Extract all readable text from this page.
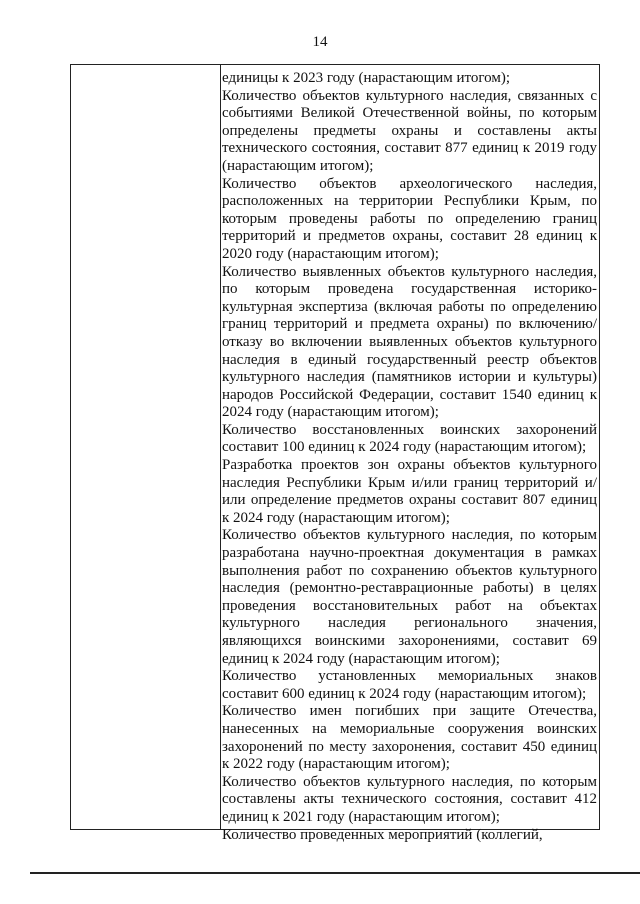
14
единицы к 2023 году (нарастающим итогом);
Количество объектов культурного наследия, связанных с событиями Великой Отечественной войны, по которым определены предметы охраны и составлены акты технического состояния, составит 877 единиц к 2019 году (нарастающим итогом);
Количество объектов археологического наследия, расположенных на территории Республики Крым, по которым проведены работы по определению границ территорий и предметов охраны, составит 28 единиц к 2020 году (нарастающим итогом);
Количество выявленных объектов культурного наследия, по которым проведена государственная историко-культурная экспертиза (включая работы по определению границ территорий и предмета охраны) по включению/отказу во включении выявленных объектов культурного наследия в единый государственный реестр объектов культурного наследия (памятников истории и культуры) народов Российской Федерации, составит 1540 единиц к 2024 году (нарастающим итогом);
Количество восстановленных воинских захоронений составит 100 единиц к 2024 году (нарастающим итогом);
Разработка проектов зон охраны объектов культурного наследия Республики Крым и/или границ территорий и/или определение предметов охраны составит 807 единиц к 2024 году (нарастающим итогом);
Количество объектов культурного наследия, по которым разработана научно-проектная документация в рамках выполнения работ по сохранению объектов культурного наследия (ремонтно-реставрационные работы) в целях проведения восстановительных работ на объектах культурного наследия регионального значения, являющихся воинскими захоронениями, составит 69 единиц к 2024 году (нарастающим итогом);
Количество установленных мемориальных знаков составит 600 единиц к 2024 году (нарастающим итогом);
Количество имен погибших при защите Отечества, нанесенных на мемориальные сооружения воинских захоронений по месту захоронения, составит 450 единиц к 2022 году (нарастающим итогом);
Количество объектов культурного наследия, по которым составлены акты технического состояния, составит 412 единиц к 2021 году (нарастающим итогом);
Количество проведенных мероприятий (коллегий,
